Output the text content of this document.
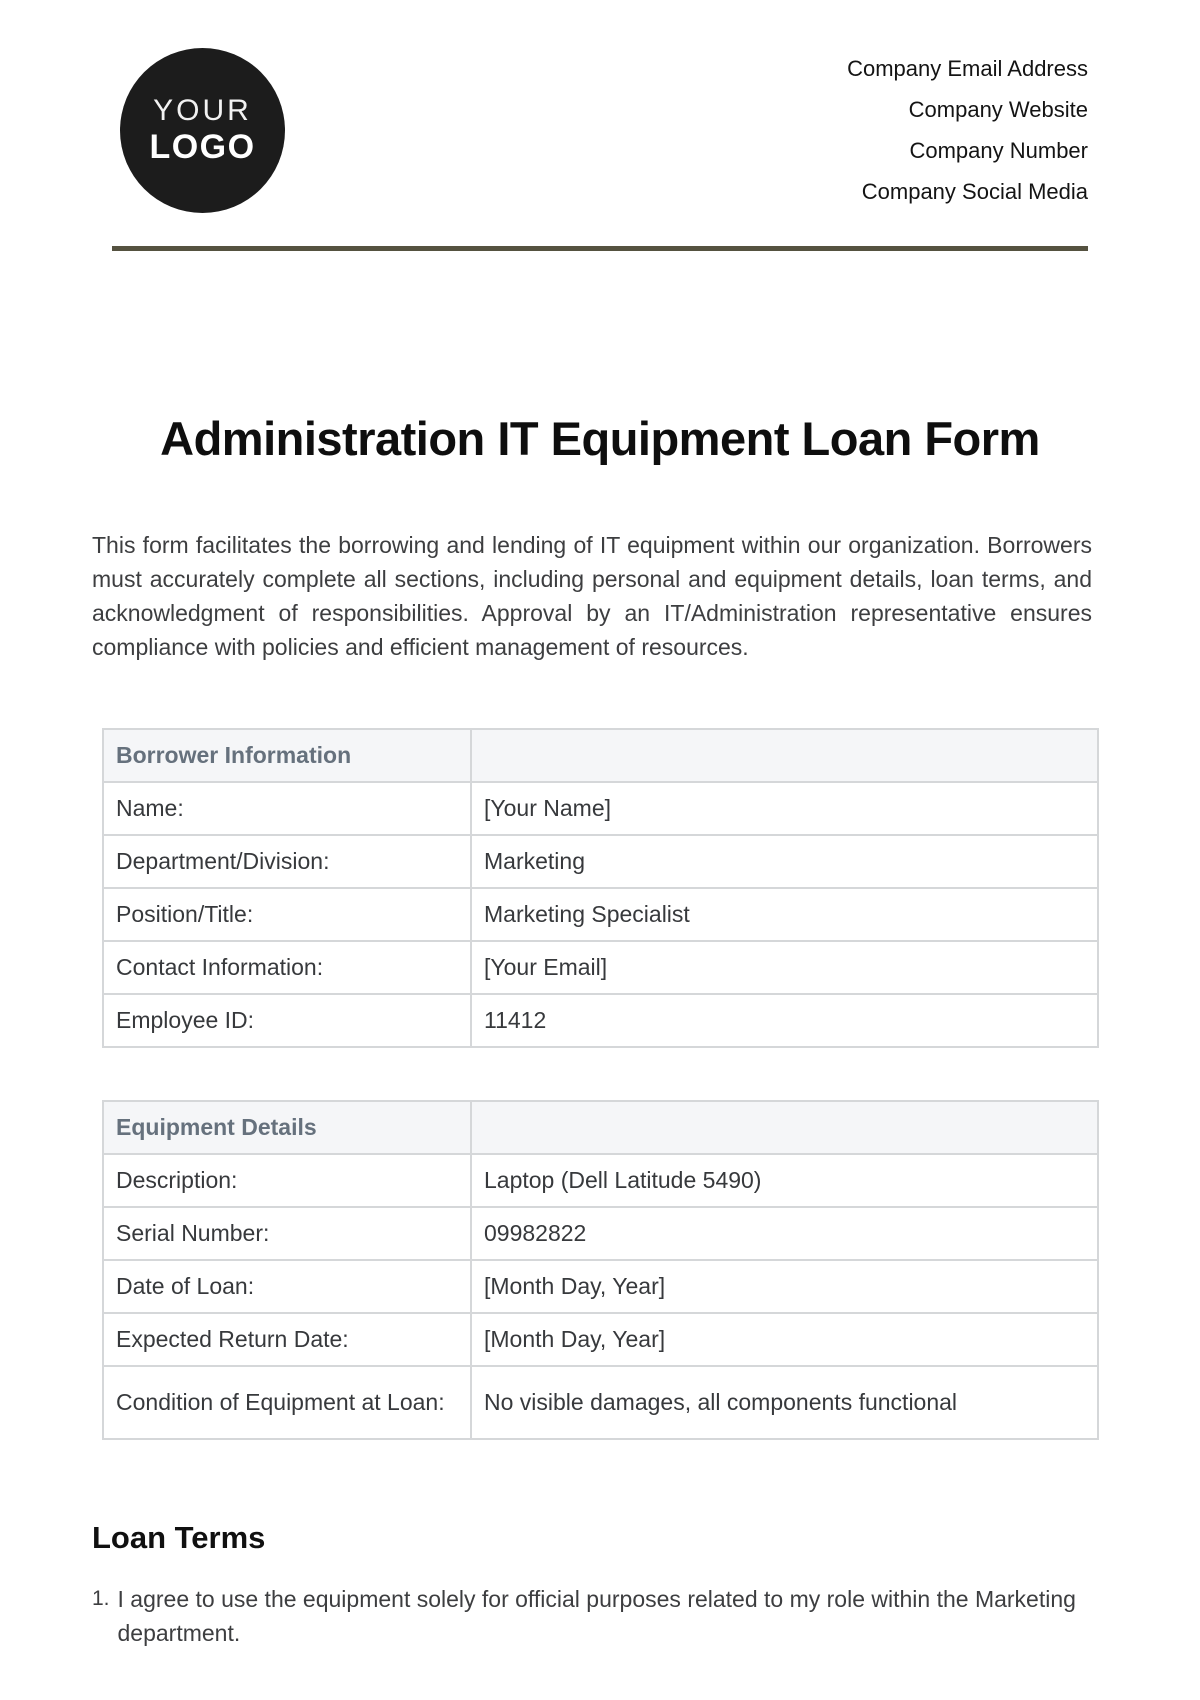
YOUR
LOGO
Company Email Address
Company Website
Company Number
Company Social Media
Administration IT Equipment Loan Form

This form facilitates the borrowing and lending of IT equipment within our organization. Borrowers must accurately complete all sections, including personal and equipment details, loan terms, and acknowledgment of responsibilities. Approval by an IT/Administration representative ensures compliance with policies and efficient management of resources.

Borrower Information	
Name:	[Your Name]
Department/Division:	Marketing
Position/Title:	Marketing Specialist
Contact Information:	[Your Email]
Employee ID:	11412
Equipment Details	
Description:	Laptop (Dell Latitude 5490)
Serial Number:	09982822
Date of Loan:	[Month Day, Year]
Expected Return Date:	[Month Day, Year]
Condition of Equipment at Loan:	No visible damages, all components functional
Loan Terms
1. I agree to use the equipment solely for official purposes related to my role within the Marketing department.
